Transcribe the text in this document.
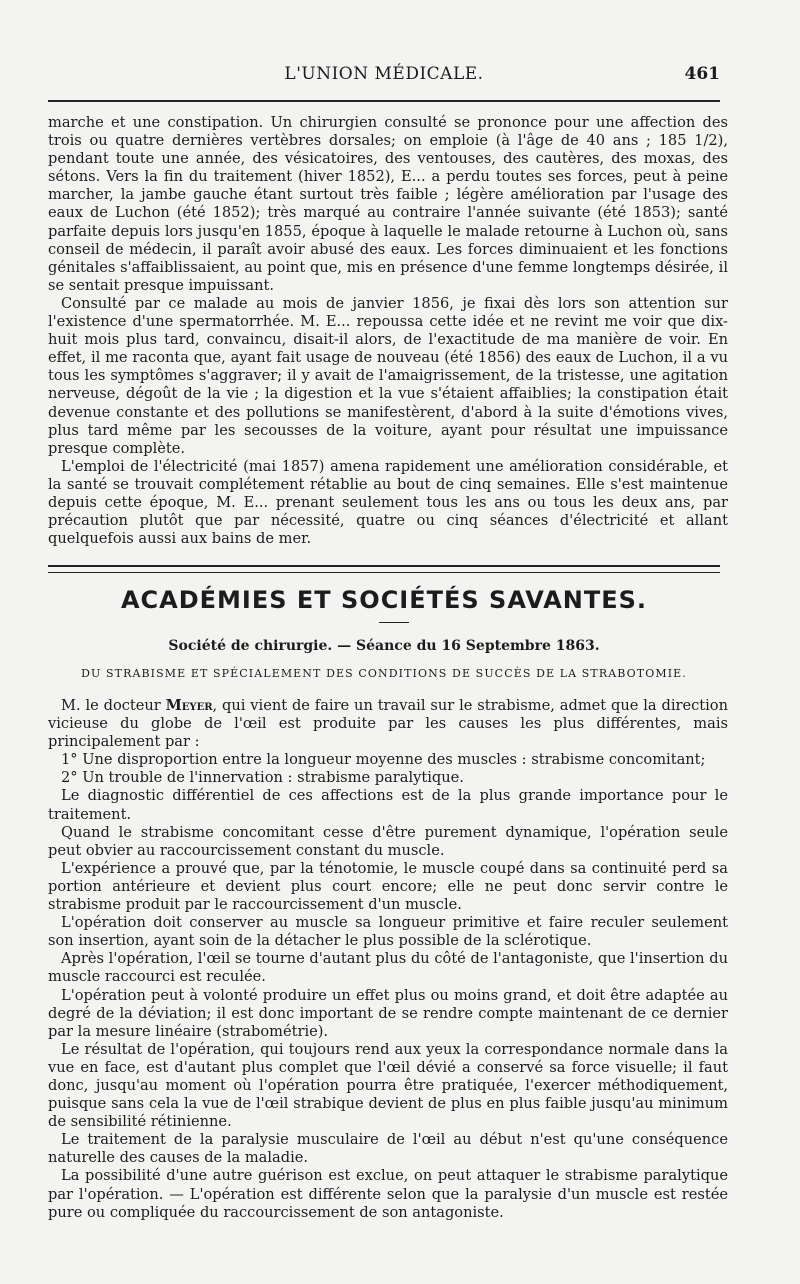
L'UNION MÉDICALE.	461

marche et une constipation. Un chirurgien consulté se prononce pour une affection des trois ou quatre dernières vertèbres dorsales; on emploie (à l'âge de 40 ans ; 185 1/2), pendant toute une année, des vésicatoires, des ventouses, des cautères, des moxas, des sétons. Vers la fin du traitement (hiver 1852), E... a perdu toutes ses forces, peut à peine marcher, la jambe gauche étant surtout très faible ; légère amélioration par l'usage des eaux de Luchon (été 1852); très marqué au contraire l'année suivante (été 1853); santé parfaite depuis lors jusqu'en 1855, époque à laquelle le malade retourne à Luchon où, sans conseil de médecin, il paraît avoir abusé des eaux. Les forces diminuaient et les fonctions génitales s'affaiblissaient, au point que, mis en présence d'une femme longtemps désirée, il se sentait presque impuissant.

Consulté par ce malade au mois de janvier 1856, je fixai dès lors son attention sur l'existence d'une spermatorrhée. M. E... repoussa cette idée et ne revint me voir que dix-huit mois plus tard, convaincu, disait-il alors, de l'exactitude de ma manière de voir. En effet, il me raconta que, ayant fait usage de nouveau (été 1856) des eaux de Luchon, il a vu tous les symptômes s'aggraver; il y avait de l'amaigrissement, de la tristesse, une agitation nerveuse, dégoût de la vie ; la digestion et la vue s'étaient affaiblies; la constipation était devenue constante et des pollutions se manifestèrent, d'abord à la suite d'émotions vives, plus tard même par les secousses de la voiture, ayant pour résultat une impuissance presque complète.

L'emploi de l'électricité (mai 1857) amena rapidement une amélioration considérable, et la santé se trouvait complétement rétablie au bout de cinq semaines. Elle s'est maintenue depuis cette époque, M. E... prenant seulement tous les ans ou tous les deux ans, par précaution plutôt que par nécessité, quatre ou cinq séances d'électricité et allant quelquefois aussi aux bains de mer.

ACADÉMIES ET SOCIÉTÉS SAVANTES.
Société de chirurgie. — Séance du 16 Septembre 1863.
DU STRABISME ET SPÉCIALEMENT DES CONDITIONS DE SUCCÈS DE LA STRABOTOMIE.

M. le docteur Meyer, qui vient de faire un travail sur le strabisme, admet que la direction vicieuse du globe de l'œil est produite par les causes les plus différentes, mais principalement par :

1° Une disproportion entre la longueur moyenne des muscles : strabisme concomitant;

2° Un trouble de l'innervation : strabisme paralytique.

Le diagnostic différentiel de ces affections est de la plus grande importance pour le traitement.

Quand le strabisme concomitant cesse d'être purement dynamique, l'opération seule peut obvier au raccourcissement constant du muscle.

L'expérience a prouvé que, par la ténotomie, le muscle coupé dans sa continuité perd sa portion antérieure et devient plus court encore; elle ne peut donc servir contre le strabisme produit par le raccourcissement d'un muscle.

L'opération doit conserver au muscle sa longueur primitive et faire reculer seulement son insertion, ayant soin de la détacher le plus possible de la sclérotique.

Après l'opération, l'œil se tourne d'autant plus du côté de l'antagoniste, que l'insertion du muscle raccourci est reculée.

L'opération peut à volonté produire un effet plus ou moins grand, et doit être adaptée au degré de la déviation; il est donc important de se rendre compte maintenant de ce dernier par la mesure linéaire (strabométrie).

Le résultat de l'opération, qui toujours rend aux yeux la correspondance normale dans la vue en face, est d'autant plus complet que l'œil dévié a conservé sa force visuelle; il faut donc, jusqu'au moment où l'opération pourra être pratiquée, l'exercer méthodiquement, puisque sans cela la vue de l'œil strabique devient de plus en plus faible jusqu'au minimum de sensibilité rétinienne.

Le traitement de la paralysie musculaire de l'œil au début n'est qu'une conséquence naturelle des causes de la maladie.

La possibilité d'une autre guérison est exclue, on peut attaquer le strabisme paralytique par l'opération. — L'opération est différente selon que la paralysie d'un muscle est restée pure ou compliquée du raccourcissement de son antagoniste.
